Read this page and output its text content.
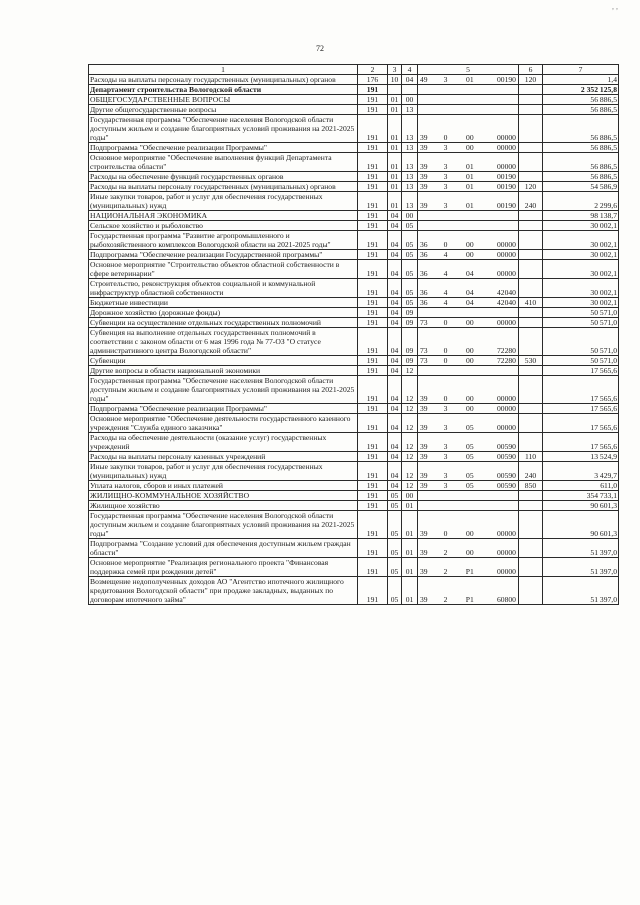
, ,
72
1	2	3	4	5	6	7
Расходы на выплаты персоналу государственных (муниципальных) органов	176	10	04	49 3 01 00190	120	1,4
Департамент строительства Вологодской области	191					2 352 125,8
ОБЩЕГОСУДАРСТВЕННЫЕ ВОПРОСЫ	191	01	00			56 886,5
Другие общегосударственные вопросы	191	01	13			56 886,5
Государственная программа "Обеспечение населения Вологодской области доступным жильем и создание благоприятных условий проживания на 2021-2025 годы"	191	01	13	39 0 00 00000		56 886,5
Подпрограмма "Обеспечение реализации Программы"	191	01	13	39 3 00 00000		56 886,5
Основное мероприятие "Обеспечение выполнения функций Департамента строительства области"	191	01	13	39 3 01 00000		56 886,5
Расходы на обеспечение функций государственных органов	191	01	13	39 3 01 00190		56 886,5
Расходы на выплаты персоналу государственных (муниципальных) органов	191	01	13	39 3 01 00190	120	54 586,9
Иные закупки товаров, работ и услуг для обеспечения государственных (муниципальных) нужд	191	01	13	39 3 01 00190	240	2 299,6
НАЦИОНАЛЬНАЯ ЭКОНОМИКА	191	04	00			98 138,7
Сельское хозяйство и рыболовство	191	04	05			30 002,1
Государственная программа "Развитие агропромышленного и рыбохозяйственного комплексов Вологодской области на 2021-2025 годы"	191	04	05	36 0 00 00000		30 002,1
Подпрограмма "Обеспечение реализации Государственной программы"	191	04	05	36 4 00 00000		30 002,1
Основное мероприятие "Строительство объектов областной собственности в сфере ветеринарии"	191	04	05	36 4 04 00000		30 002,1
Строительство, реконструкция объектов социальной и коммунальной инфраструктур областной собственности	191	04	05	36 4 04 42040		30 002,1
Бюджетные инвестиции	191	04	05	36 4 04 42040	410	30 002,1
Дорожное хозяйство (дорожные фонды)	191	04	09			50 571,0
Субвенции на осуществление отдельных государственных полномочий	191	04	09	73 0 00 00000		50 571,0
Субвенция на выполнение отдельных государственных полномочий в соответствии с законом области от 6 мая 1996 года № 77-ОЗ "О статусе административного центра Вологодской области"	191	04	09	73 0 00 72280		50 571,0
Субвенции	191	04	09	73 0 00 72280	530	50 571,0
Другие вопросы в области национальной экономики	191	04	12			17 565,6
Государственная программа "Обеспечение населения Вологодской области доступным жильем и создание благоприятных условий проживания на 2021-2025 годы"	191	04	12	39 0 00 00000		17 565,6
Подпрограмма "Обеспечение реализации Программы"	191	04	12	39 3 00 00000		17 565,6
Основное мероприятие "Обеспечение деятельности государственного казенного учреждения "Служба единого заказчика"	191	04	12	39 3 05 00000		17 565,6
Расходы на обеспечение деятельности (оказание услуг) государственных учреждений	191	04	12	39 3 05 00590		17 565,6
Расходы на выплаты персоналу казенных учреждений	191	04	12	39 3 05 00590	110	13 524,9
Иные закупки товаров, работ и услуг для обеспечения государственных (муниципальных) нужд	191	04	12	39 3 05 00590	240	3 429,7
Уплата налогов, сборов и иных платежей	191	04	12	39 3 05 00590	850	611,0
ЖИЛИЩНО-КОММУНАЛЬНОЕ ХОЗЯЙСТВО	191	05	00			354 733,1
Жилищное хозяйство	191	05	01			90 601,3
Государственная программа "Обеспечение населения Вологодской области доступным жильем и создание благоприятных условий проживания на 2021-2025 годы"	191	05	01	39 0 00 00000		90 601,3
Подпрограмма "Создание условий для обеспечения доступным жильем граждан области"	191	05	01	39 2 00 00000		51 397,0
Основное мероприятие "Реализация регионального проекта "Финансовая поддержка семей при рождении детей"	191	05	01	39 2 P1 00000		51 397,0
Возмещение недополученных доходов АО "Агентство ипотечного жилищного кредитования Вологодской области" при продаже закладных, выданных по договорам ипотечного займа"	191	05	01	39 2 P1 60800		51 397,0
